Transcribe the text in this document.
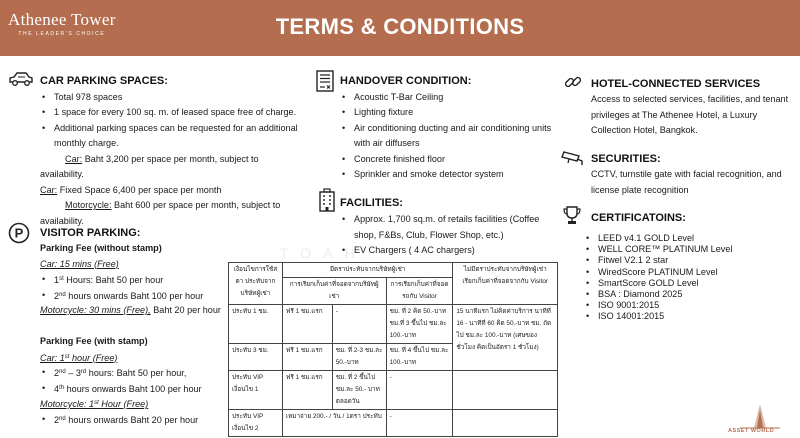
Athenee Tower
THE LEADER'S CHOICE	TERMS & CONDITIONS
TOAH
CAR PARKING SPACES:
• Total 978 spaces
• 1 space for every 100 sq. m. of leased space free of charge.
• Additional parking spaces can be requested for an additional
monthly charge.
Car: Baht 3,200 per space per month, subject to
availability.
Car: Fixed Space 6,400 per space per month
Motorcycle: Baht 600 per space per month, subject to
availability.
P VISITOR PARKING:
Parking Fee (without stamp)
Car: 15 mins (Free)
• 1st Hours: Baht 50 per hour
• 2nd hours onwards Baht 100 per hour
Motorcycle: 30 mins (Free), Baht 20 per hour
Parking Fee (with stamp)
Car: 1st hour (Free)
• 2nd – 3rd hours: Baht 50 per hour,
• 4th hours onwards Baht 100 per hour
Motorcycle: 1st Hour (Free)
• 2nd hours onwards Baht 20 per hour
HANDOVER CONDITION:
• Acoustic T-Bar Ceiling
• Lighting fixture
• Air conditioning ducting and air conditioning units
with air diffusers
• Concrete finished floor
• Sprinkler and smoke detector system
FACILITIES:
• Approx. 1,700 sq.m. of retails facilities (Coffee
shop, F&Bs, Club, Flower Shop, etc.)
• EV Chargers ( 4 AC chargers)
เงื่อนไขการใช้สตา ประทับจากบริษัทผู้เช่า	มีตราประทับจากบริษัทผู้เช่า			ไม่มีตราประทับจากบริษัทผู้เช่า เรียกเก็บค่าที่จอดจากกับ Visitor
	การเรียกเก็บค่าที่จอดจากบริษัทผู้เช่า		การเรียกเก็บค่าที่จอดรถกับ Visitor	
ประทับ 1 ชม.	ฟรี 1 ชม.แรก	-	ชม. ที่ 2 คิด 50.-บาท ชม.ที่ 3 ขึ้นไป ชม.ละ 100.-บาท	15 นาทีแรก ไม่คิดค่าบริการ นาทีที่ 16 - นาทีที่ 60 คิด 50.-บาท ชม. ถัดไป ชม.ละ 100.-บาท (เศษของชั่วโมง คิดเป็นอัตรา 1 ชั่วโมง)
ประทับ 3 ชม.	ฟรี 1 ชม.แรก	ชม. ที่ 2-3 ชม.ละ 50.-บาท	ชม. ที่ 4 ขึ้นไป ชม.ละ 100.-บาท	
ประทับ VIP เงื่อนไข 1	ฟรี 1 ชม.แรก	ชม. ที่ 2 ขึ้นไป ชม.ละ 50.- บาทตลอดวัน	-	
ประทับ VIP เงื่อนไข 2	เหมาจ่าย 200.- / วัน / 1ตรา ประทับ		-	
HOTEL-CONNECTED SERVICES
Access to selected services, facilities, and tenant privileges at The Athenee Hotel, a Luxury Collection Hotel, Bangkok.
SECURITIES:
CCTV, turnstile gate with facial recognition, and license plate recognition
CERTIFICATOINS:
• LEED v4.1 GOLD Level
• WELL CORE™ PLATINUM Level
• Fitwel V2.1 2 star
• WiredScore PLATINUM Level
• SmartScore GOLD Level
• BSA : Diamond 2025
• ISO 9001:2015
• ISO 14001:2015
ASSET WORLD
